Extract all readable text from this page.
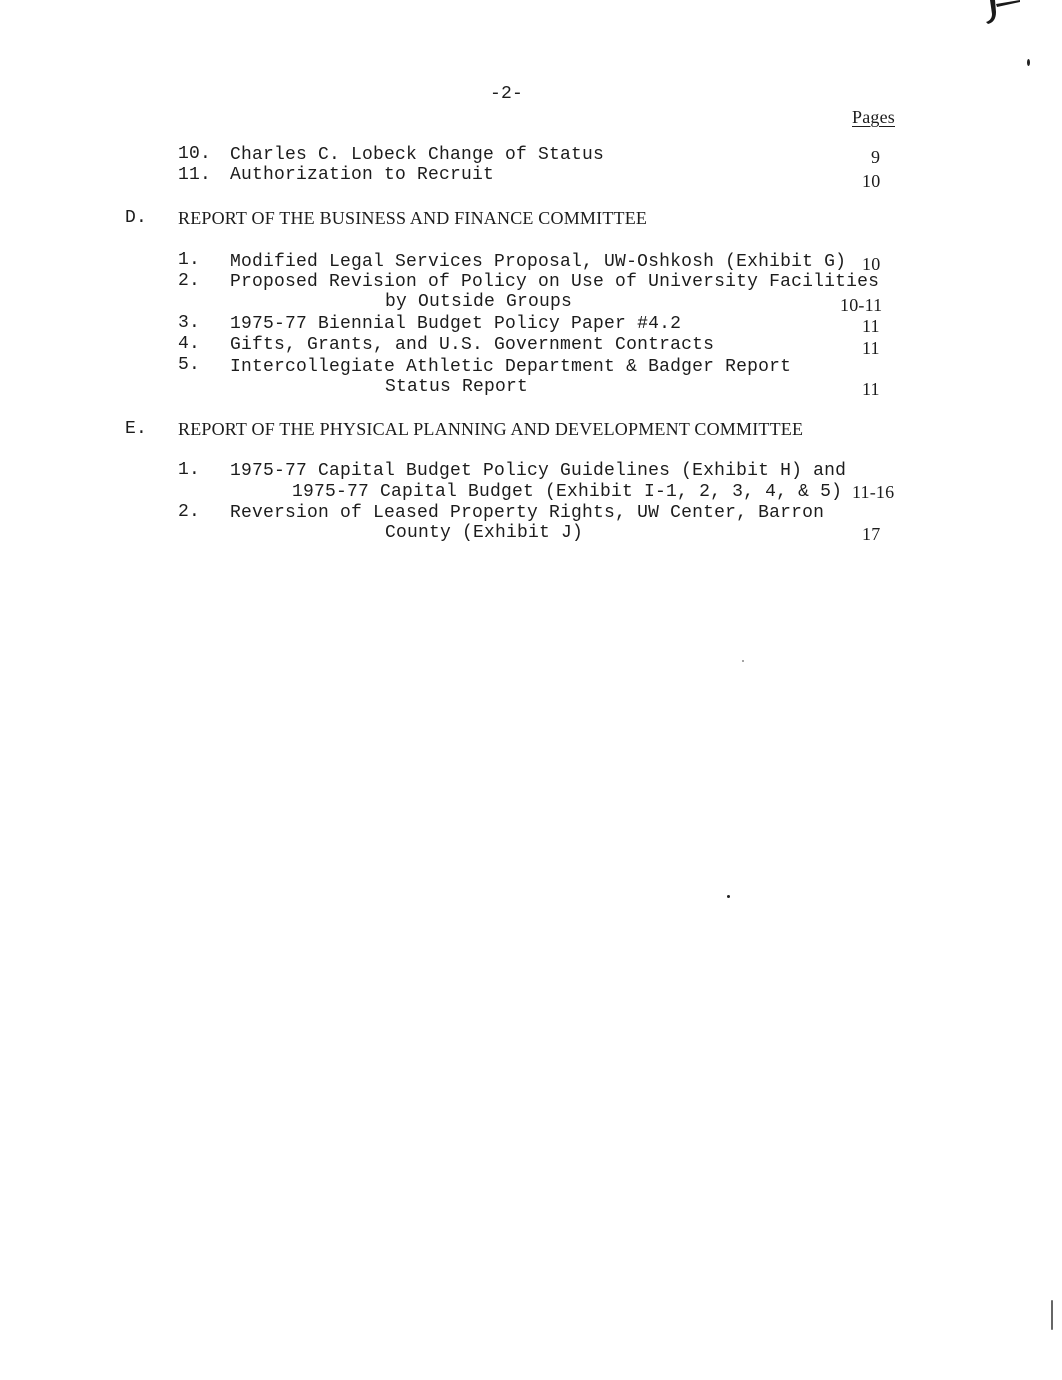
-2-
Pages
10. Charles C. Lobeck Change of Status	9
11. Authorization to Recruit	10
D. REPORT OF THE BUSINESS AND FINANCE COMMITTEE
1. Modified Legal Services Proposal, UW-Oshkosh (Exhibit G) 10
2. Proposed Revision of Policy on Use of University Facilities
by Outside Groups	10-11
3. 1975-77 Biennial Budget Policy Paper #4.2	11
4. Gifts, Grants, and U.S. Government Contracts	11
5. Intercollegiate Athletic Department & Badger Report
Status Report	11
E. REPORT OF THE PHYSICAL PLANNING AND DEVELOPMENT COMMITTEE
1. 1975-77 Capital Budget Policy Guidelines (Exhibit H) and
1975-77 Capital Budget (Exhibit I-1, 2, 3, 4, & 5) 11-16
2. Reversion of Leased Property Rights, UW Center, Barron
County (Exhibit J)	17
